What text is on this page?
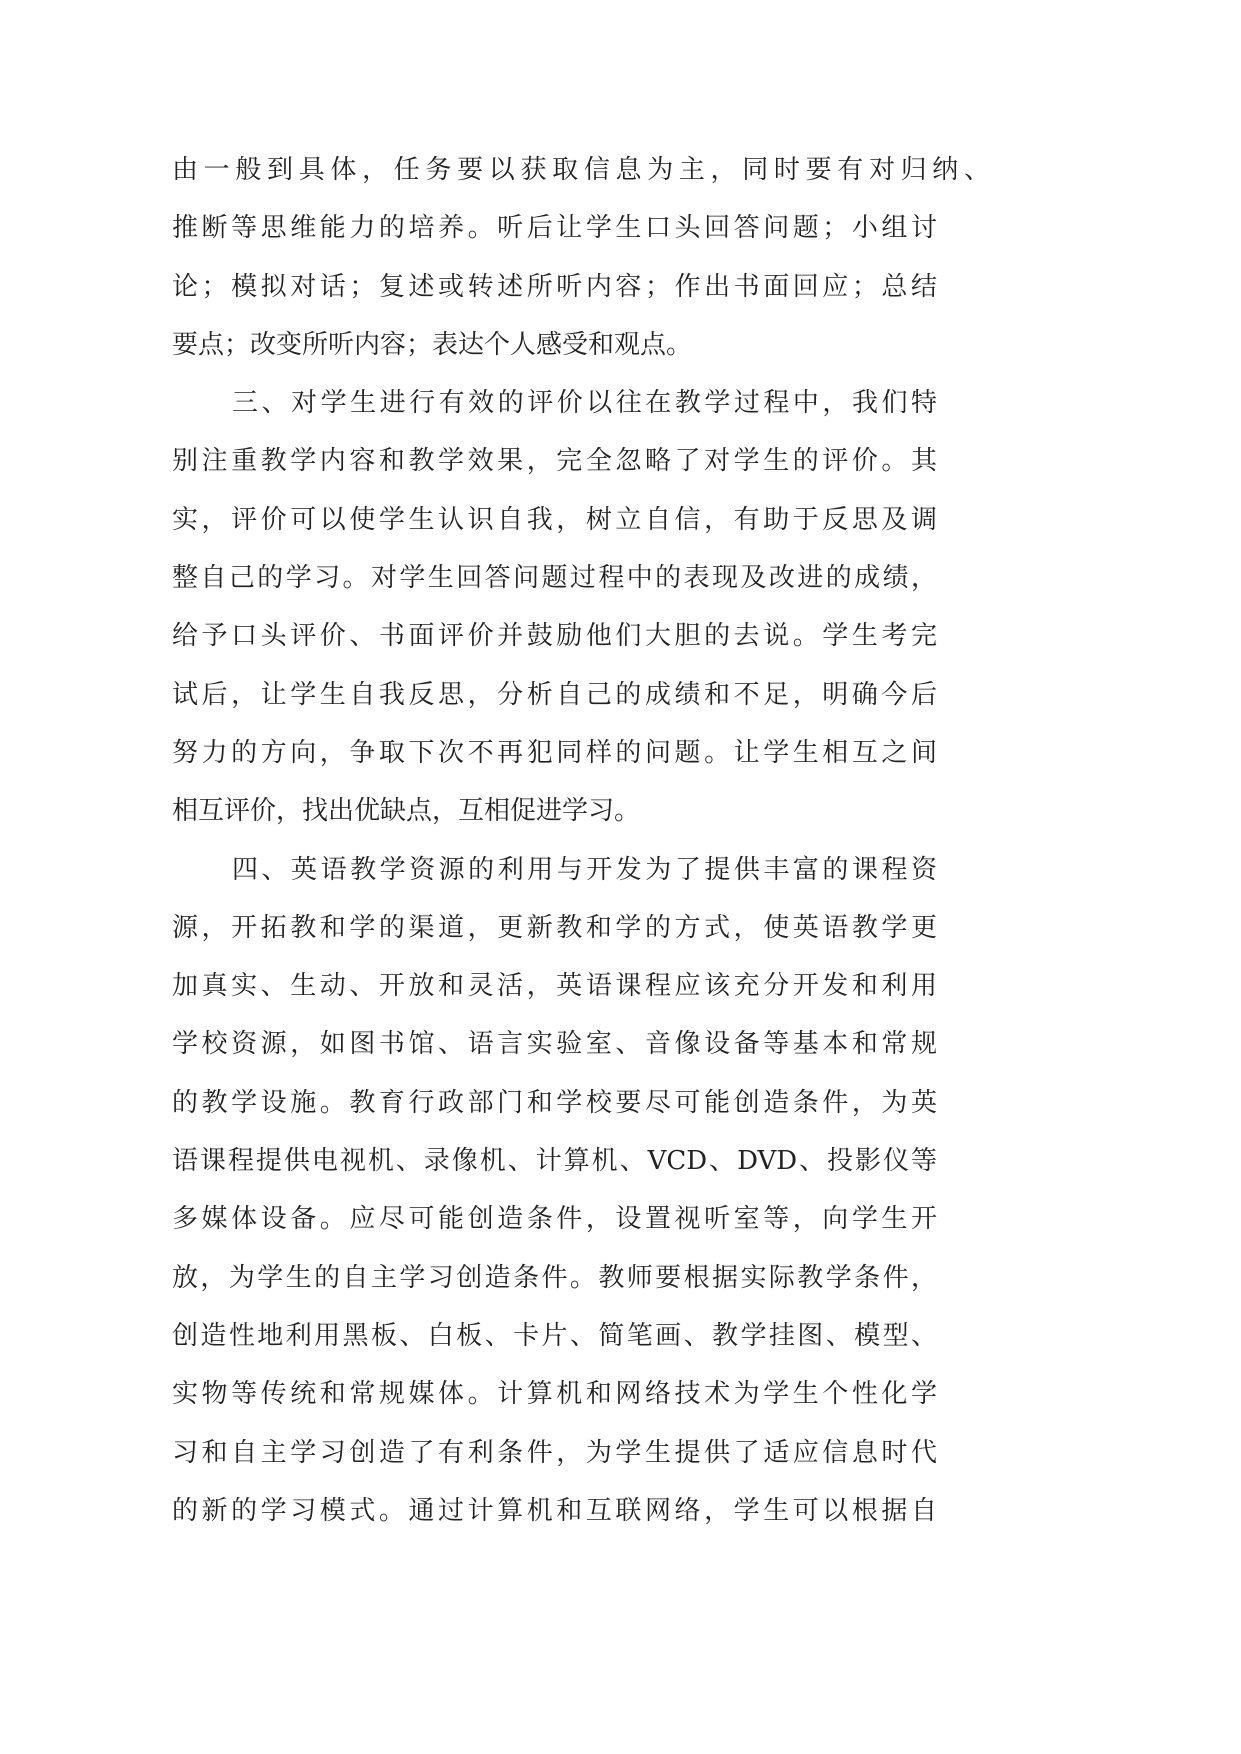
由一般到具体，任务要以获取信息为主，同时要有对归纳、
推断等思维能力的培养。听后让学生口头回答问题；小组讨
论；模拟对话；复述或转述所听内容；作出书面回应；总结
要点；改变所听内容；表达个人感受和观点。
三、对学生进行有效的评价以往在教学过程中，我们特
别注重教学内容和教学效果，完全忽略了对学生的评价。其
实，评价可以使学生认识自我，树立自信，有助于反思及调
整自己的学习。对学生回答问题过程中的表现及改进的成绩，
给予口头评价、书面评价并鼓励他们大胆的去说。学生考完
试后，让学生自我反思，分析自己的成绩和不足，明确今后
努力的方向，争取下次不再犯同样的问题。让学生相互之间
相互评价，找出优缺点，互相促进学习。
四、英语教学资源的利用与开发为了提供丰富的课程资
源，开拓教和学的渠道，更新教和学的方式，使英语教学更
加真实、生动、开放和灵活，英语课程应该充分开发和利用
学校资源，如图书馆、语言实验室、音像设备等基本和常规
的教学设施。教育行政部门和学校要尽可能创造条件，为英
语课程提供电视机、录像机、计算机、VCD、DVD、投影仪等
多媒体设备。应尽可能创造条件，设置视听室等，向学生开
放，为学生的自主学习创造条件。教师要根据实际教学条件，
创造性地利用黑板、白板、卡片、简笔画、教学挂图、模型、
实物等传统和常规媒体。计算机和网络技术为学生个性化学
习和自主学习创造了有利条件，为学生提供了适应信息时代
的新的学习模式。通过计算机和互联网络，学生可以根据自
